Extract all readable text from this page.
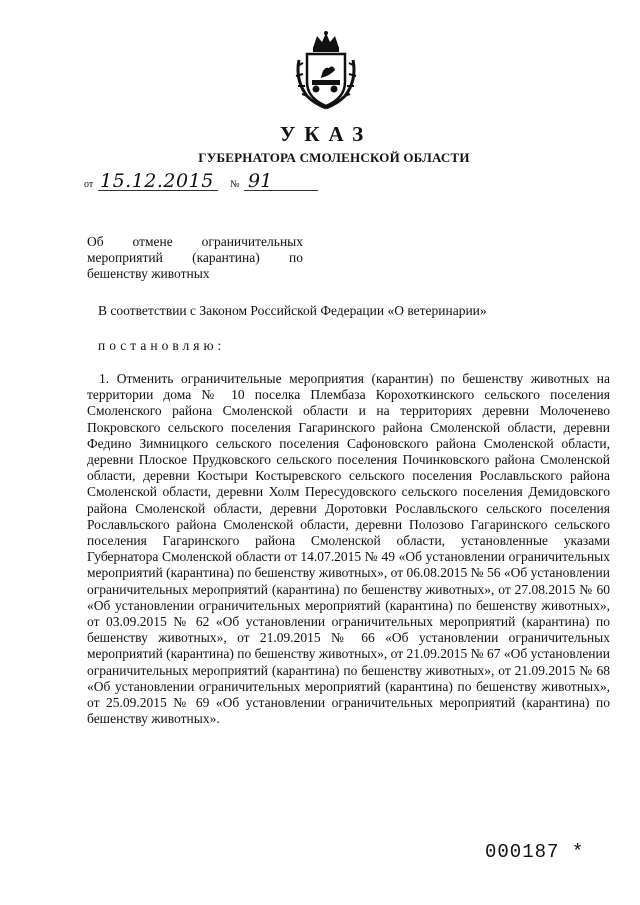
УКАЗ
ГУБЕРНАТОРА СМОЛЕНСКОЙ ОБЛАСТИ
от 15.12.2015 № 91
Об отмене ограничительных
мероприятий (карантина) по
бешенству животных
В соответствии с Законом Российской Федерации «О ветеринарии»
постановляю:
1. Отменить ограничительные мероприятия (карантин) по бешенству животных на территории дома № 10 поселка Плембаза Корохоткинского сельского поселения Смоленского района Смоленской области и на территориях деревни Молоченево Покровского сельского поселения Гагаринского района Смоленской области, деревни Федино Зимницкого сельского поселения Сафоновского района Смоленской области, деревни Плоское Прудковского сельского поселения Починковского района Смоленской области, деревни Костыри Костыревского сельского поселения Рославльского района Смоленской области, деревни Холм Пересудовского сельского поселения Демидовского района Смоленской области, деревни Доротовки Рославльского сельского поселения Рославльского района Смоленской области, деревни Полозово Гагаринского сельского поселения Гагаринского района Смоленской области, установленные указами Губернатора Смоленской области от 14.07.2015 № 49 «Об установлении ограничительных мероприятий (карантина) по бешенству животных», от 06.08.2015 № 56 «Об установлении ограничительных мероприятий (карантина) по бешенству животных», от 27.08.2015 № 60 «Об установлении ограничительных мероприятий (карантина) по бешенству животных», от 03.09.2015 № 62 «Об установлении ограничительных мероприятий (карантина) по бешенству животных», от 21.09.2015 № 66 «Об установлении ограничительных мероприятий (карантина) по бешенству животных», от 21.09.2015 № 67 «Об установлении ограничительных мероприятий (карантина) по бешенству животных», от 21.09.2015 № 68 «Об установлении ограничительных мероприятий (карантина) по бешенству животных», от 25.09.2015 № 69 «Об установлении ограничительных мероприятий (карантина) по бешенству животных».
000187 *
